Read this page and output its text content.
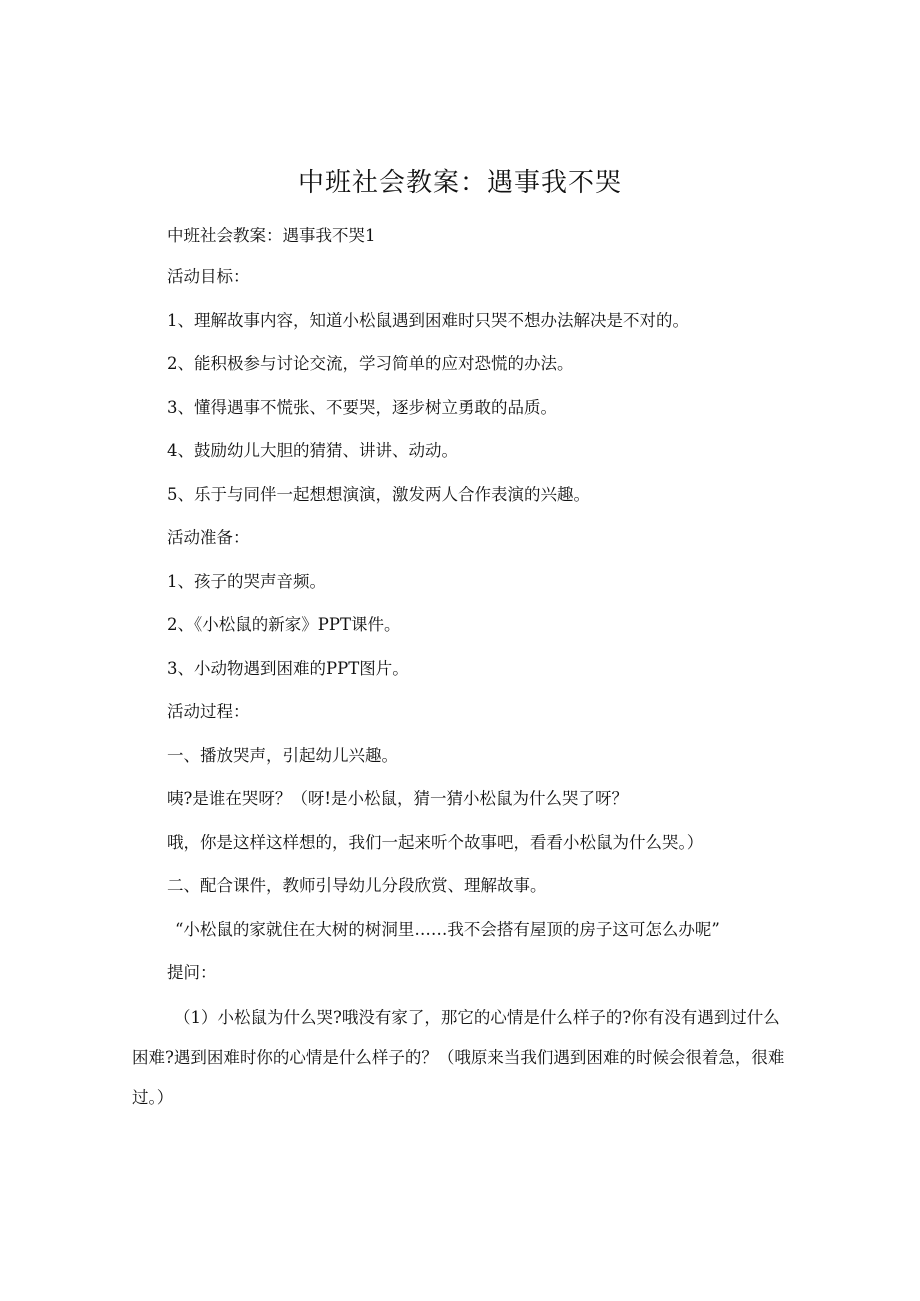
中班社会教案：遇事我不哭
中班社会教案：遇事我不哭1
活动目标：
1、理解故事内容，知道小松鼠遇到困难时只哭不想办法解决是不对的。
2、能积极参与讨论交流，学习简单的应对恐慌的办法。
3、懂得遇事不慌张、不要哭，逐步树立勇敢的品质。
4、鼓励幼儿大胆的猜猜、讲讲、动动。
5、乐于与同伴一起想想演演，激发两人合作表演的兴趣。
活动准备：
1、孩子的哭声音频。
2、《小松鼠的新家》PPT课件。
3、小动物遇到困难的PPT图片。
活动过程：
一、播放哭声，引起幼儿兴趣。
咦?是谁在哭呀？（呀!是小松鼠，猜一猜小松鼠为什么哭了呀？
哦，你是这样这样想的，我们一起来听个故事吧，看看小松鼠为什么哭。）
二、配合课件，教师引导幼儿分段欣赏、理解故事。
“小松鼠的家就住在大树的树洞里……我不会搭有屋顶的房子这可怎么办呢”
提问：
（1）小松鼠为什么哭?哦没有家了，那它的心情是什么样子的?你有没有遇到过什么困难?遇到困难时你的心情是什么样子的？（哦原来当我们遇到困难的时候会很着急，很难过。）
